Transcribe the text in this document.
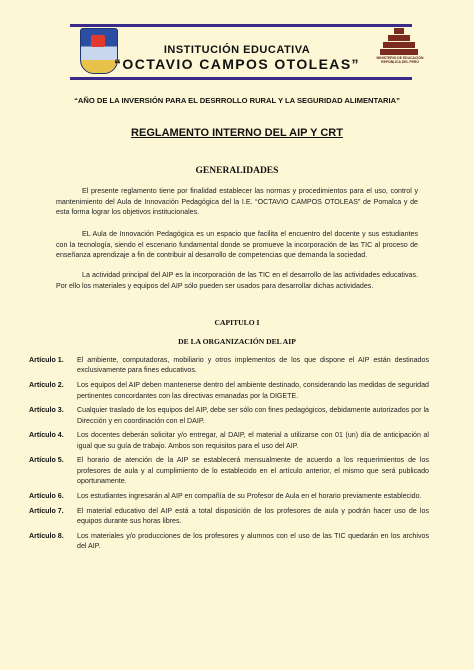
MINISTERIO DE EDUCACIÓN REPÚBLICA DEL PERÚ
INSTITUCIÓN EDUCATIVA
“OCTAVIO CAMPOS OTOLEAS”
“AÑO DE LA INVERSIÓN PARA EL DESRROLLO RURAL Y LA SEGURIDAD ALIMENTARIA”
REGLAMENTO INTERNO DEL AIP Y CRT
GENERALIDADES
El presente reglamento tiene por finalidad establecer las normas y procedimientos para el uso, control y mantenimiento del Aula de Innovación Pedagógica del la I.E. “OCTAVIO CAMPOS OTOLEAS” de Pomalca y de esta forma lograr los objetivos institucionales.
EL Aula de Innovación Pedagógica es un espacio que facilita el encuentro del docente y sus estudiantes con la tecnología, siendo el escenario fundamental donde se promueve la incorporación de las TIC al proceso de enseñanza aprendizaje a fin de contribuir al desarrollo de competencias que demanda la sociedad.
La actividad principal del AIP es la incorporación de las TIC en el desarrollo de las actividades educativas. Por ello los materiales y equipos del AIP sólo pueden ser usados para desarrollar dichas actividades.
CAPITULO I
DE LA ORGANIZACIÓN DEL AIP
Artículo 1.	El ambiente, computadoras, mobiliario y otros implementos de los que dispone el AIP están destinados exclusivamente para fines educativos.
Artículo 2.	Los equipos del AIP deben mantenerse dentro del ambiente destinado, considerando las medidas de seguridad pertinentes concordantes con las directivas emanadas por la DIGETE.
Artículo 3.	Cualquier traslado de los equipos del AIP, debe ser sólo con fines pedagógicos, debidamente autorizados por la Dirección y en coordinación con el DAIP.
Artículo 4.	Los docentes deberán solicitar y/o entregar, al DAIP, el material a utilizarse con 01 (un) día de anticipación al igual que su guía de trabajo. Ambos son requisitos para el uso del AIP.
Artículo 5.	El horario de atención de la AIP se establecerá mensualmente de acuerdo a los requerimientos de los profesores de aula y al cumplimiento de lo establecido en el artículo anterior, el mismo que será publicado oportunamente.
Artículo 6.	Los estudiantes ingresarán al AIP en compañía de su Profesor de Aula en el horario previamente establecido.
Artículo 7.	El material educativo del AIP está a total disposición de los profesores de aula y podrán hacer uso de los equipos durante sus horas libres.
Artículo 8.	Los materiales y/o producciones de los profesores y alumnos con el uso de las TIC quedarán en los archivos del AIP.
